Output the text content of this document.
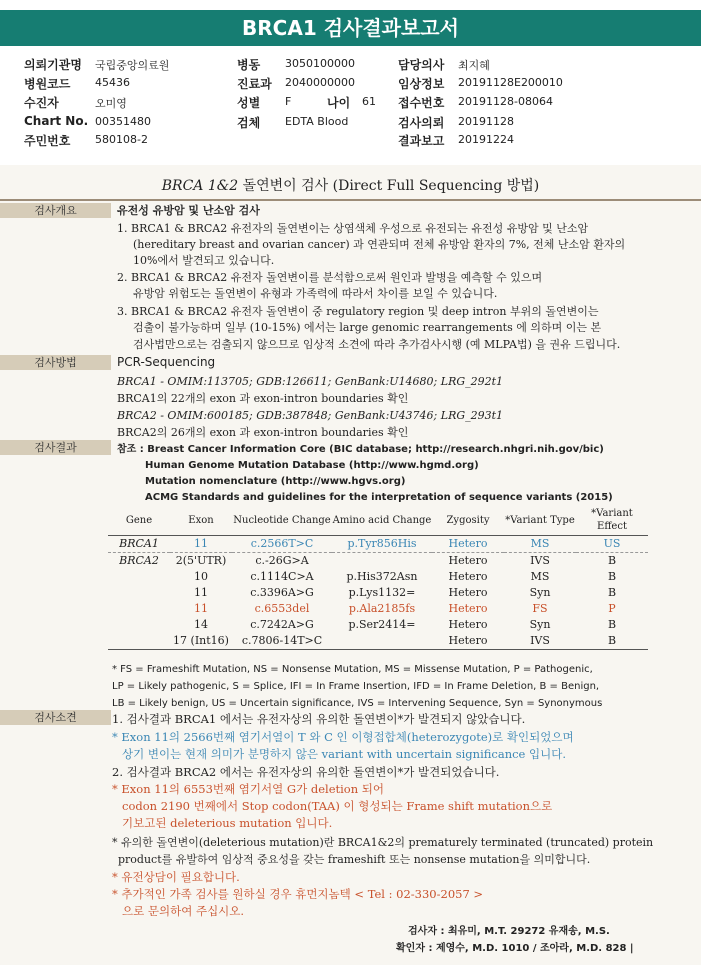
BRCA1 검사결과보고서
의뢰기관명 국립중앙의료원
병원코드 45436
수진자	오미영
Chart No. 00351480
주민번호 580108-2
병동 3050100000
진료과 2040000000
성별 F	나이 61
검체 EDTA Blood
담당의사 최지혜
임상정보 20191128E200010
접수번호 20191128-08064
검사의뢰 20191128
결과보고 20191224
BRCA 1&2 돌연변이 검사 (Direct Full Sequencing 방법)
검사개요	유전성 유방암 및 난소암 검사
1. BRCA1 & BRCA2 유전자의 돌연변이는 상염색체 우성으로 유전되는 유전성 유방암 및 난소암
(hereditary breast and ovarian cancer) 과 연관되며 전체 유방암 환자의 7%, 전체 난소암 환자의
10%에서 발견되고 있습니다.
2. BRCA1 & BRCA2 유전자 돌연변이를 분석함으로써 원인과 발병을 예측할 수 있으며
유방암 위험도는 돌연변이 유형과 가족력에 따라서 차이를 보일 수 있습니다.
3. BRCA1 & BRCA2 유전자 돌연변이 중 regulatory region 및 deep intron 부위의 돌연변이는
검출이 불가능하며 일부 (10-15%) 에서는 large genomic rearrangements 에 의하며 이는 본
검사법만으로는 검출되지 않으므로 임상적 소견에 따라 추가검사시행 (예 MLPA법) 을 권유 드립니다.
검사방법	PCR-Sequencing
BRCA1 - OMIM:113705; GDB:126611; GenBank:U14680; LRG_292t1
BRCA1의 22개의 exon 과 exon-intron boundaries 확인
BRCA2 - OMIM:600185; GDB:387848; GenBank:U43746; LRG_293t1
BRCA2의 26개의 exon 과 exon-intron boundaries 확인
검사결과	참조 : Breast Cancer Information Core (BIC database; http://research.nhgri.nih.gov/bic)
Human Genome Mutation Database (http://www.hgmd.org)
Mutation nomenclature (http://www.hgvs.org)
ACMG Standards and guidelines for the interpretation of sequence variants (2015)
Gene	Exon	Nucleotide Change	Amino acid Change	Zygosity	*Variant Type	*Variant Effect
BRCA1	11	c.2566T>C	p.Tyr856His	Hetero	MS	US
BRCA2	2(5'UTR)	c.-26G>A		Hetero	IVS	B
	10	c.1114C>A	p.His372Asn	Hetero	MS	B
	11	c.3396A>G	p.Lys1132=	Hetero	Syn	B
	11	c.6553del	p.Ala2185fs	Hetero	FS	P
	14	c.7242A>G	p.Ser2414=	Hetero	Syn	B
	17 (Int16)	c.7806-14T>C		Hetero	IVS	B
* FS = Frameshift Mutation, NS = Nonsense Mutation, MS = Missense Mutation, P = Pathogenic,
LP = Likely pathogenic, S = Splice, IFI = In Frame Insertion, IFD = In Frame Deletion, B = Benign,
LB = Likely benign, US = Uncertain significance, IVS = Intervening Sequence, Syn = Synonymous
검사소견	1. 검사결과 BRCA1 에서는 유전자상의 유의한 돌연변이*가 발견되지 않았습니다.
* Exon 11의 2566번째 염기서열이 T 와 C 인 이형접합체(heterozygote)로 확인되었으며
상기 변이는 현재 의미가 분명하지 않은 variant with uncertain significance 입니다.
2. 검사결과 BRCA2 에서는 유전자상의 유의한 돌연변이*가 발견되었습니다.
* Exon 11의 6553번째 염기서열 G가 deletion 되어
codon 2190 번째에서 Stop codon(TAA) 이 형성되는 Frame shift mutation으로
기보고된 deleterious mutation 입니다.
* 유의한 돌연변이(deleterious mutation)란 BRCA1&2의 prematurely terminated (truncated) protein
product를 유발하여 임상적 중요성을 갖는 frameshift 또는 nonsense mutation을 의미합니다.
* 유전상담이 필요합니다.
* 추가적인 가족 검사를 원하실 경우 휴먼지놈텍 < Tel : 02-330-2057 >
으로 문의하여 주십시오.
검사자 : 최유미, M.T. 29272 유재송, M.S.
확인자 : 제영수, M.D. 1010 / 조아라, M.D. 828 |
